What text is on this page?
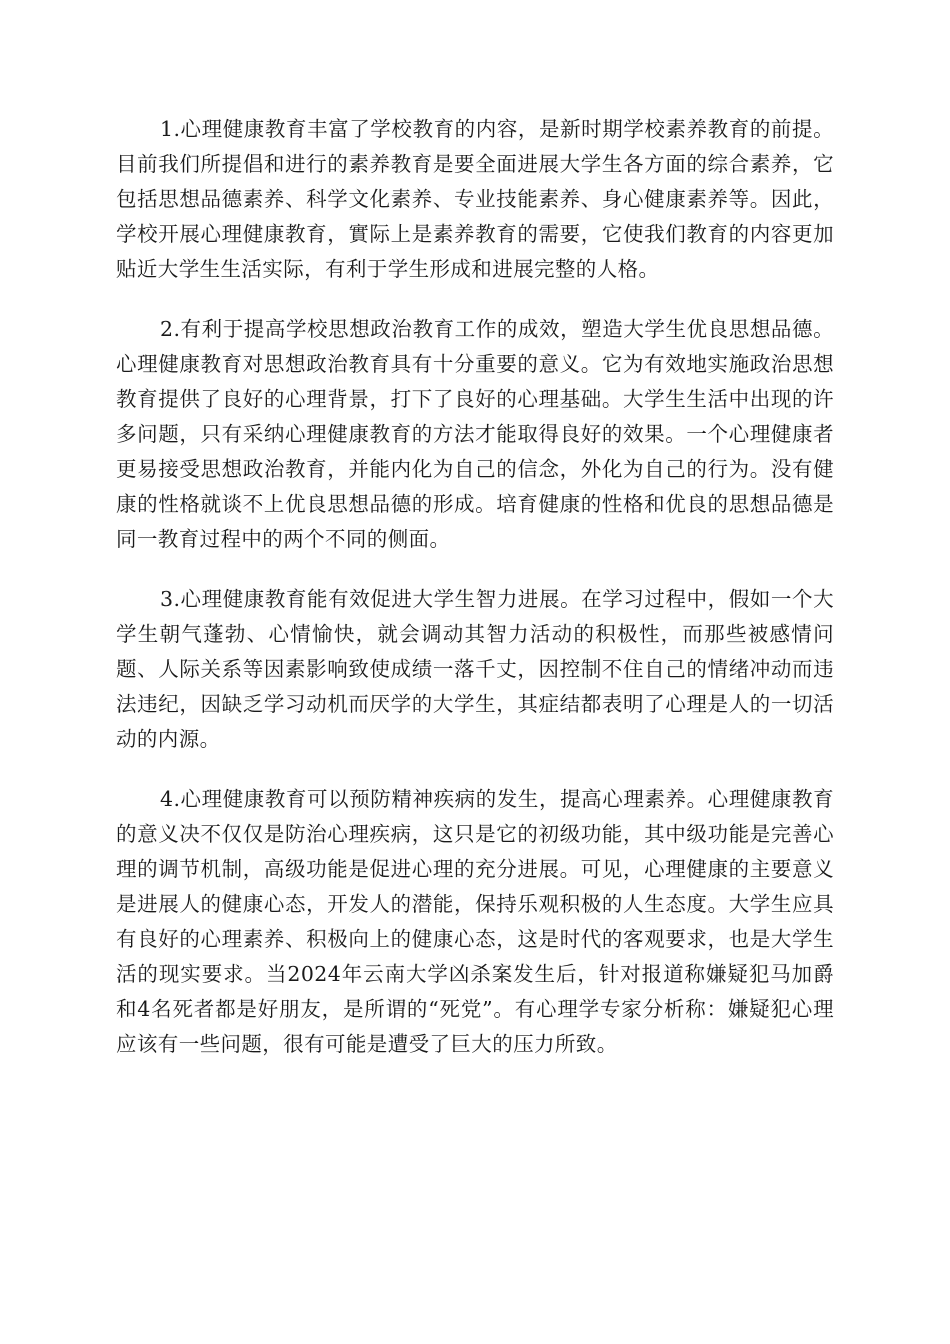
1.心理健康教育丰富了学校教育的内容，是新时期学校素养教育的前提。目前我们所提倡和进行的素养教育是要全面进展大学生各方面的综合素养，它包括思想品德素养、科学文化素养、专业技能素养、身心健康素养等。因此，学校开展心理健康教育，實际上是素养教育的需要，它使我们教育的内容更加贴近大学生生活实际，有利于学生形成和进展完整的人格。

2.有利于提高学校思想政治教育工作的成效，塑造大学生优良思想品德。心理健康教育对思想政治教育具有十分重要的意义。它为有效地实施政治思想教育提供了良好的心理背景，打下了良好的心理基础。大学生生活中出现的许多问题，只有采纳心理健康教育的方法才能取得良好的效果。一个心理健康者更易接受思想政治教育，并能内化为自己的信念，外化为自己的行为。没有健康的性格就谈不上优良思想品德的形成。培育健康的性格和优良的思想品德是同一教育过程中的两个不同的侧面。

3.心理健康教育能有效促进大学生智力进展。在学习过程中，假如一个大学生朝气蓬勃、心情愉快，就会调动其智力活动的积极性，而那些被感情问题、人际关系等因素影响致使成绩一落千丈，因控制不住自己的情绪冲动而违法违纪，因缺乏学习动机而厌学的大学生，其症结都表明了心理是人的一切活动的内源。

4.心理健康教育可以预防精神疾病的发生，提高心理素养。心理健康教育的意义决不仅仅是防治心理疾病，这只是它的初级功能，其中级功能是完善心理的调节机制，高级功能是促进心理的充分进展。可见，心理健康的主要意义是进展人的健康心态，开发人的潜能，保持乐观积极的人生态度。大学生应具有良好的心理素养、积极向上的健康心态，这是时代的客观要求，也是大学生活的现实要求。当2024年云南大学凶杀案发生后，针对报道称嫌疑犯马加爵和4名死者都是好朋友，是所谓的“死党”。有心理学专家分析称：嫌疑犯心理应该有一些问题，很有可能是遭受了巨大的压力所致。
